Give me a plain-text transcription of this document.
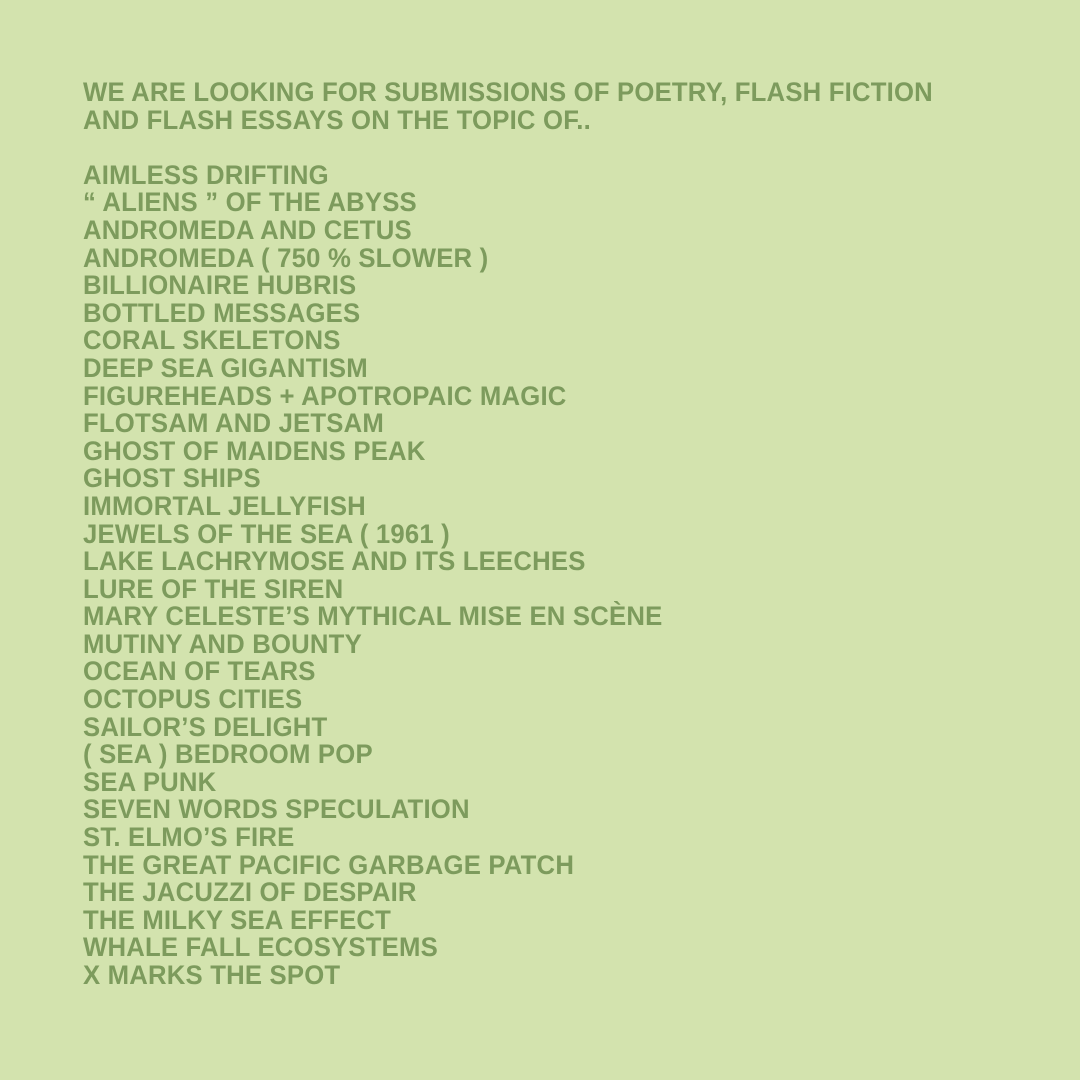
WE ARE LOOKING FOR SUBMISSIONS OF POETRY, FLASH FICTION
AND FLASH ESSAYS ON THE TOPIC OF..
AIMLESS DRIFTING
“ ALIENS ” OF THE ABYSS
ANDROMEDA AND CETUS
ANDROMEDA ( 750 % SLOWER )
BILLIONAIRE HUBRIS
BOTTLED MESSAGES
CORAL SKELETONS
DEEP SEA GIGANTISM
FIGUREHEADS + APOTROPAIC MAGIC
FLOTSAM AND JETSAM
GHOST OF MAIDENS PEAK
GHOST SHIPS
IMMORTAL JELLYFISH
JEWELS OF THE SEA ( 1961 )
LAKE LACHRYMOSE AND ITS LEECHES
LURE OF THE SIREN
MARY CELESTE’S MYTHICAL MISE EN SCÈNE
MUTINY AND BOUNTY
OCEAN OF TEARS
OCTOPUS CITIES
SAILOR’S DELIGHT
( SEA ) BEDROOM POP
SEA PUNK
SEVEN WORDS SPECULATION
ST. ELMO’S FIRE
THE GREAT PACIFIC GARBAGE PATCH
THE JACUZZI OF DESPAIR
THE MILKY SEA EFFECT
WHALE FALL ECOSYSTEMS
X MARKS THE SPOT
